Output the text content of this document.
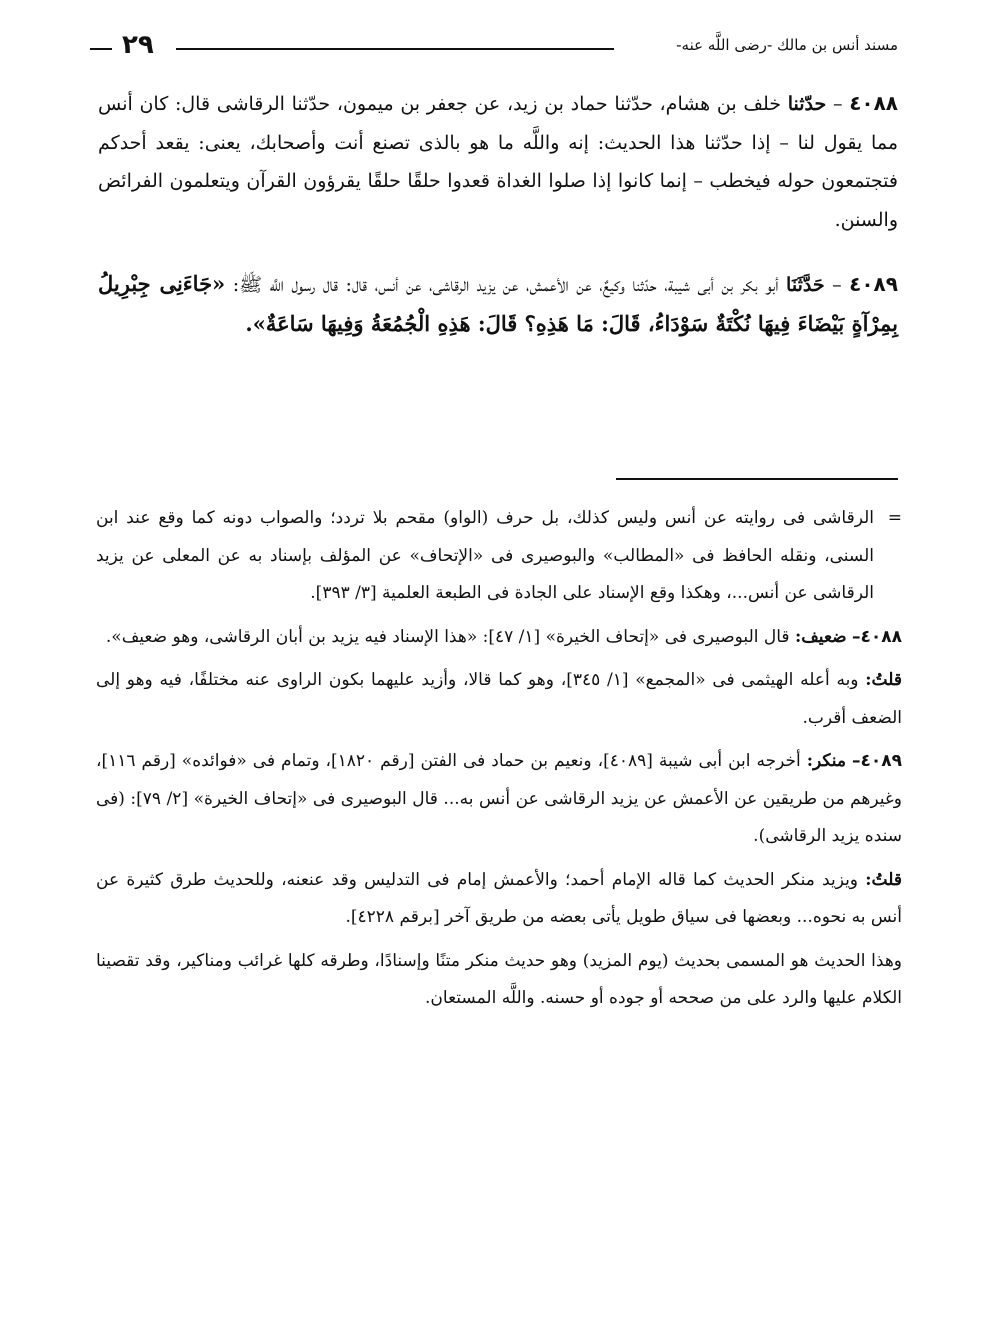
٢٩	مسند أنس بن مالك -رضى اللَّه عنه-

٤٠٨٨ – حدّثنا خلف بن هشام، حدّثنا حماد بن زيد، عن جعفر بن ميمون، حدّثنا الرقاشى قال: كان أنس مما يقول لنا – إذا حدّثنا هذا الحديث: إنه واللَّه ما هو بالذى تصنع أنت وأصحابك، يعنى: يقعد أحدكم فتجتمعون حوله فيخطب – إنما كانوا إذا صلوا الغداة قعدوا حلقًا حلقًا يقرؤون القرآن ويتعلمون الفرائض والسنن.

٤٠٨٩ – حَدَّثَنَا أبو بكر بن أبى شيبة، حدّثنا وكيعٌ، عن الأعمش، عن يزيد الرقاشى، عن أنس، قال: قال رسول اللَّه ﷺ: «جَاءَنِى جِبْرِيلُ بِمِرْآةٍ بَيْضَاءَ فِيهَا نُكْتَةٌ سَوْدَاءُ، قَالَ: مَا هَذِهِ؟ قَالَ: هَذِهِ الْجُمُعَةُ وَفِيهَا سَاعَةٌ».

=
الرقاشى فى روايته عن أنس وليس كذلك، بل حرف (الواو) مقحم بلا تردد؛ والصواب دونه كما وقع عند ابن السنى، ونقله الحافظ فى «المطالب» والبوصيرى فى «الإتحاف» عن المؤلف بإسناد به عن المعلى عن يزيد الرقاشى عن أنس...، وهكذا وقع الإسناد على الجادة فى الطبعة العلمية [٣/ ٣٩٣].

٤٠٨٨– ضعيف: قال البوصيرى فى «إتحاف الخيرة» [١/ ٤٧]: «هذا الإسناد فيه يزيد بن أبان الرقاشى، وهو ضعيف».

قلتُ: وبه أعله الهيثمى فى «المجمع» [١/ ٣٤٥]، وهو كما قالا، وأزيد عليهما بكون الراوى عنه مختلفًا، فيه وهو إلى الضعف أقرب.

٤٠٨٩– منكر: أخرجه ابن أبى شيبة [٤٠٨٩]، ونعيم بن حماد فى الفتن [رقم ١٨٢٠]، وتمام فى «فوائده» [رقم ١١٦]، وغيرهم من طريقين عن الأعمش عن يزيد الرقاشى عن أنس به... قال البوصيرى فى «إتحاف الخيرة» [٢/ ٧٩]: (فى سنده يزيد الرقاشى).

قلتُ: ويزيد منكر الحديث كما قاله الإمام أحمد؛ والأعمش إمام فى التدليس وقد عنعنه، وللحديث طرق كثيرة عن أنس به نحوه... وبعضها فى سياق طويل يأتى بعضه من طريق آخر [برقم ٤٢٢٨].

وهذا الحديث هو المسمى بحديث (يوم المزيد) وهو حديث منكر متنًا وإسنادًا، وطرقه كلها غرائب ومناكير، وقد تقصينا الكلام عليها والرد على من صححه أو جوده أو حسنه. واللَّه المستعان.
